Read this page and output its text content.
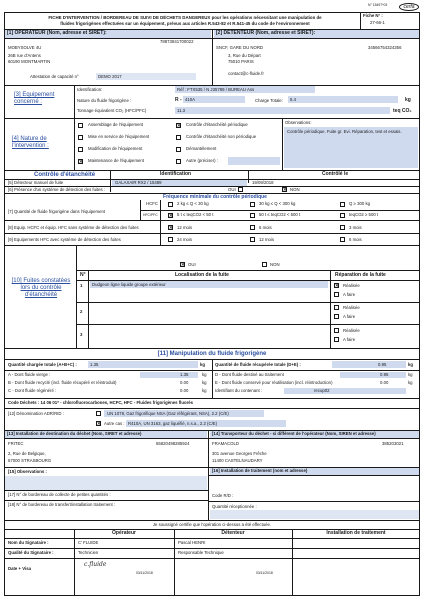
N° 15497*03	cerfa
FICHE D'INTERVENTION / BORDEREAU DE SUIVI DE DÉCHETS DANGEREUX pour les opérations nécessitant une manipulation de
fluides frigorigènes effectuées sur un équipement, prévus aux articles R.543-82 et R.541-45 du code de l'environnement
Fiche N° :
27-66-1
[1] OPERATEUR (Nom, adresse et SIRET):	[2] DETENTEUR (Nom, adresse et SIRET):
78873841700022
MOBYSOLVE 4U
26B rue d'Antens
60190 MONTMARTIN
Attestation de capacité n°	DEMO 2017
SNCF, GARE DU NORD	34566754324356
3, Rue du Départ
75010 PARIS
contact@c-fluide.fr
[3] Equipement concerné :
Identification:	Réf : FTX535 / N J35789 / BUREAU Ass
Nature du fluide frigorigène :	R - 410A	Charge Totale: 5.4	kg
Tonnage équivalent CO₂ (HFC/PFC)	11.3	teq CO₂
[4] Nature de l'intervention :
Assemblage de l'équipement
Mise en service de l'équipement
Modification de l'équipement
✕
Maintenance de l'équipement
✕
Contrôle d'étanchéité périodique
Contrôle d'étanchéité non périodique
Démantèlement
Autre (préciser) :
Observations:
Contrôle périodique. Fuite gr. Evi. Réparation, test et essais.
Contrôle d'étanchéité	Identification	Contrôlé le
[5] Détecteur manuel de fuite	GALAXAIR RX2 / 15489	19/09/2018
[6] Présence d'un système de détection des fuites :	OUI ✕	NON
Fréquence minimale du contrôle périodique
[7] Quantité de fluide frigorigène dans l'équipement
HCFC
HFC/PFC
2 kg ≤ Q < 30 kg	30 kg ≤ Q < 300 kg	Q ≥ 300 kg
✕
5 t ≤ teqCO2 < 50 t	50 t ≤ teqCO2 < 500 t	teqCO2 ≥ 500 t
[8] Equip. HCFC et équip. HFC sans système de détection des fuites ✕	12 mois	6 mois	3 mois
[9] Equipements HFC avec système de détection des fuites	24 mois	12 mois	6 mois
[10] Fuites constatées lors du contrôle d'étanchéité
✕
OUI	NON
N°	Localisation de la fuite	Réparation de la fuite
1 Dudgeon ligne liquide groupe extérieur ✕	Réalisée
A faire
2
Réalisée
A faire
3
Réalisée
A faire
[11] Manipulation du fluide frigorigène
Quantité chargée totale (A+B+C) :	1.35	kg Quantité de fluide récupérée totale (D+E) :	0.95	kg
A - Dont fluide vierge :	1.35	kg D - Dont fluide destiné au traitement	0.95	kg
B - Dont fluide recyclé (incl. fluide récupéré et réintroduit)	0.00	kg E - Dont fluide conservé pour réutilisation (incl. réintroduction)	0.00	kg
C - Dont fluide régénéré :	0.00	kg Identifiant du contenant :	recup02
Code Déchets : 14 06 01* - chlorofluorocarbones, HCFC, HFC - Fluides frigorigènes fluorés
[12] Dénomination ADR/RID :	UN 1078, Gaz frigorifique NSA (Gaz réfrigérant, NSA), 2.2 (C/E)
✕
Autre cas : R410A, UN 3163, gaz liquéfié, n.s.a., 2.2 (C/E)
[13] Installation de destination du déchet (Nom, SIRET et adresse)	[14] Transporteur du déchet - si différent de l'opérateur (Nom, SIREN et adresse)
FRITEC	65820498285924
2, Rue de Belgique,
67000 STRASBOURG
FRAMACOLD	385203021
301 avenue Georges Frêche
11400 CASTELNAUDARY
[15] Observations :	[16] Installation de traitement (nom et adresse)
[17] N° de bordereau de collecte de petites quantités :
[18] N° de bordereau de transfert/installation traitement :
Code R/D :
Quantité réceptionnée :
Je soussigné certifie que l'opération ci-dessus a été effectuée.
Opérateur	Détenteur	Installation de traitement
Nom du Signataire :	C' FLUIDE	Pascal HENRI
Qualité du Signataire :	Technicien	Responsable Technique
Date + Visa
c.fluide
03/11/2018	03/11/2018
